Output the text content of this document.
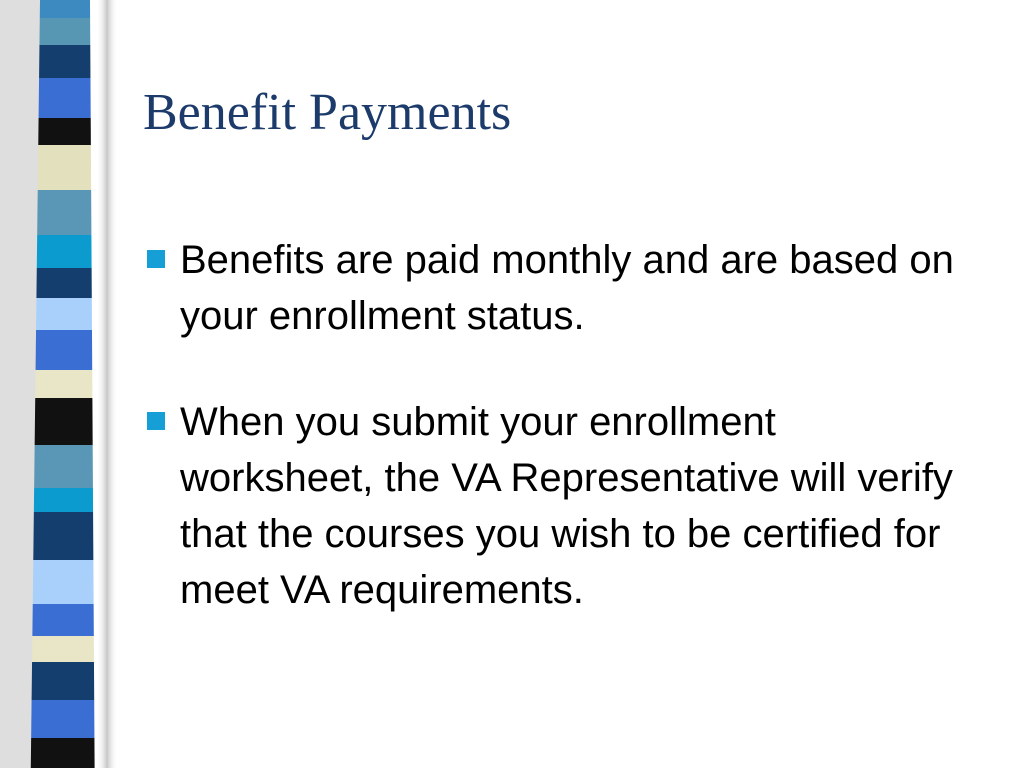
Benefit Payments
Benefits are paid monthly and are based on your enrollment status.
When you submit your enrollment worksheet, the VA Representative will verify that the courses you wish to be certified for meet VA requirements.
